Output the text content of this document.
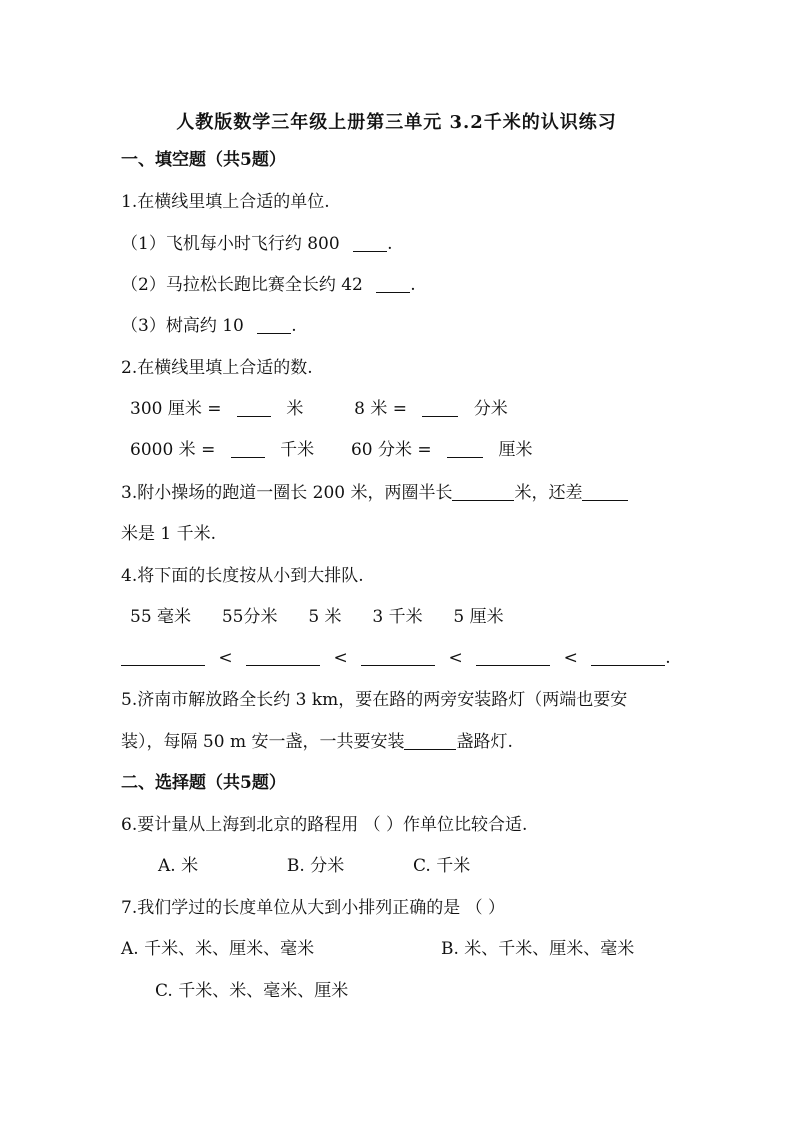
人教版数学三年级上册第三单元 3.2千米的认识练习
一、填空题（共5题）
1.在横线里填上合适的单位.
（1）飞机每小时飞行约 800	.
（2）马拉松长跑比赛全长约 42	.
（3）树高约 10	.
2.在横线里填上合适的数.
300 厘米 =	米	8 米 =	分米
6000 米 =	千米 60 分米 =	厘米
3.附小操场的跑道一圈长 200 米，两圈半长	米，还差
米是 1 千米.
4.将下面的长度按从小到大排队.
55 毫米 55分米 5 米 3 千米 5 厘米
<	<	<	<	.
5.济南市解放路全长约 3 km，要在路的两旁安装路灯（两端也要安
装），每隔 50 m 安一盏，一共要安装	盏路灯.
二、选择题（共5题）
6.要计量从上海到北京的路程用 （ ）作单位比较合适.
A. 米	B. 分米	C. 千米
7.我们学过的长度单位从大到小排列正确的是 （ ）
A. 千米、米、厘米、毫米	B. 米、千米、厘米、毫米
C. 千米、米、毫米、厘米
